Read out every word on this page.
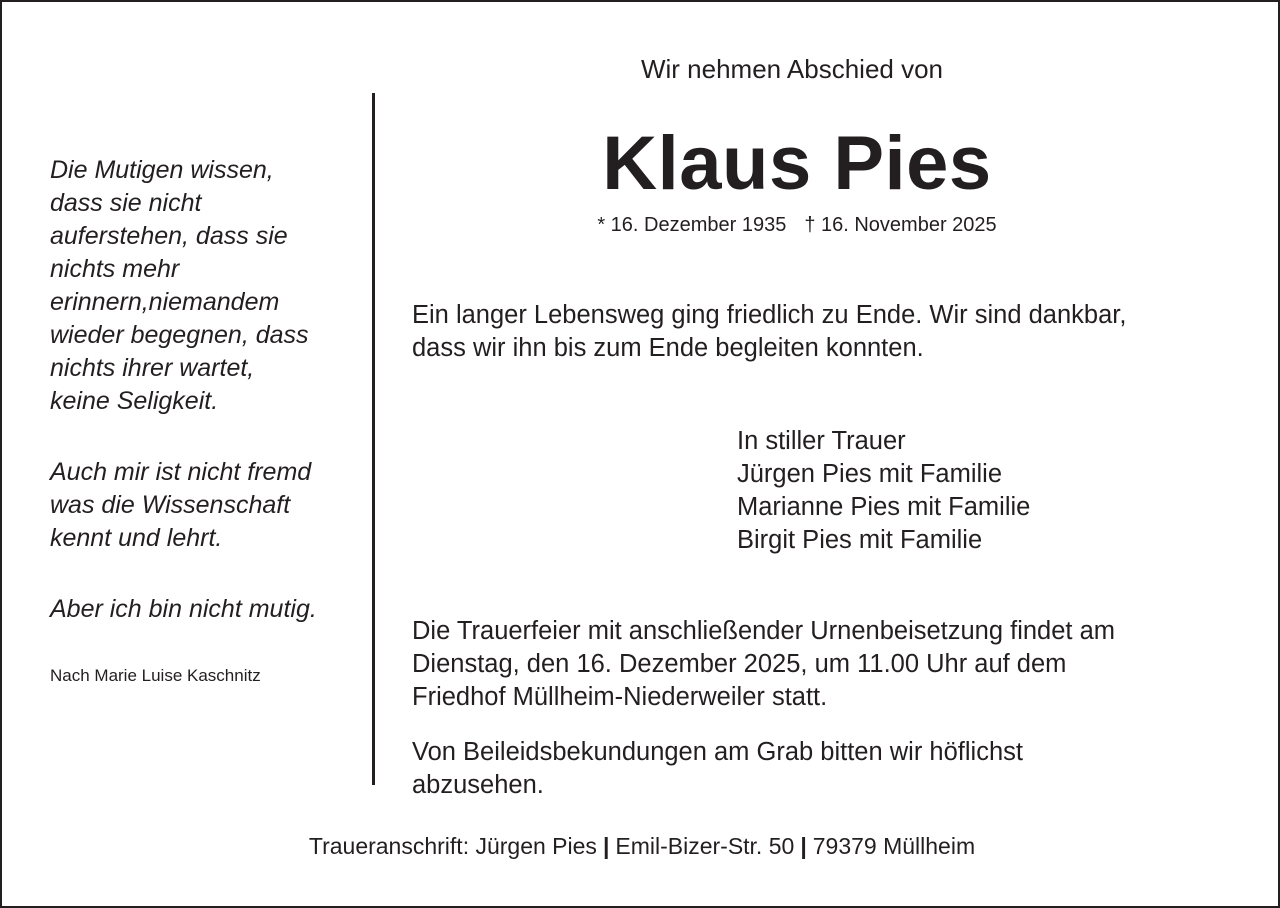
Die Mutigen wissen,
dass sie nicht
auferstehen, dass sie
nichts mehr
erinnern,niemandem
wieder begegnen, dass
nichts ihrer wartet,
keine Seligkeit.

Auch mir ist nicht fremd
was die Wissenschaft
kennt und lehrt.

Aber ich bin nicht mutig.

Nach Marie Luise Kaschnitz
Wir nehmen Abschied von
Klaus Pies
* 16. Dezember 1935 † 16. November 2025
Ein langer Lebensweg ging friedlich zu Ende. Wir sind dankbar,
dass wir ihn bis zum Ende begleiten konnten.
In stiller Trauer
Jürgen Pies mit Familie
Marianne Pies mit Familie
Birgit Pies mit Familie
Die Trauerfeier mit anschließender Urnenbeisetzung findet am
Dienstag, den 16. Dezember 2025, um 11.00 Uhr auf dem
Friedhof Müllheim-Niederweiler statt.
Von Beileidsbekundungen am Grab bitten wir höflichst
abzusehen.
Traueranschrift: Jürgen Pies | Emil-Bizer-Str. 50 | 79379 Müllheim
